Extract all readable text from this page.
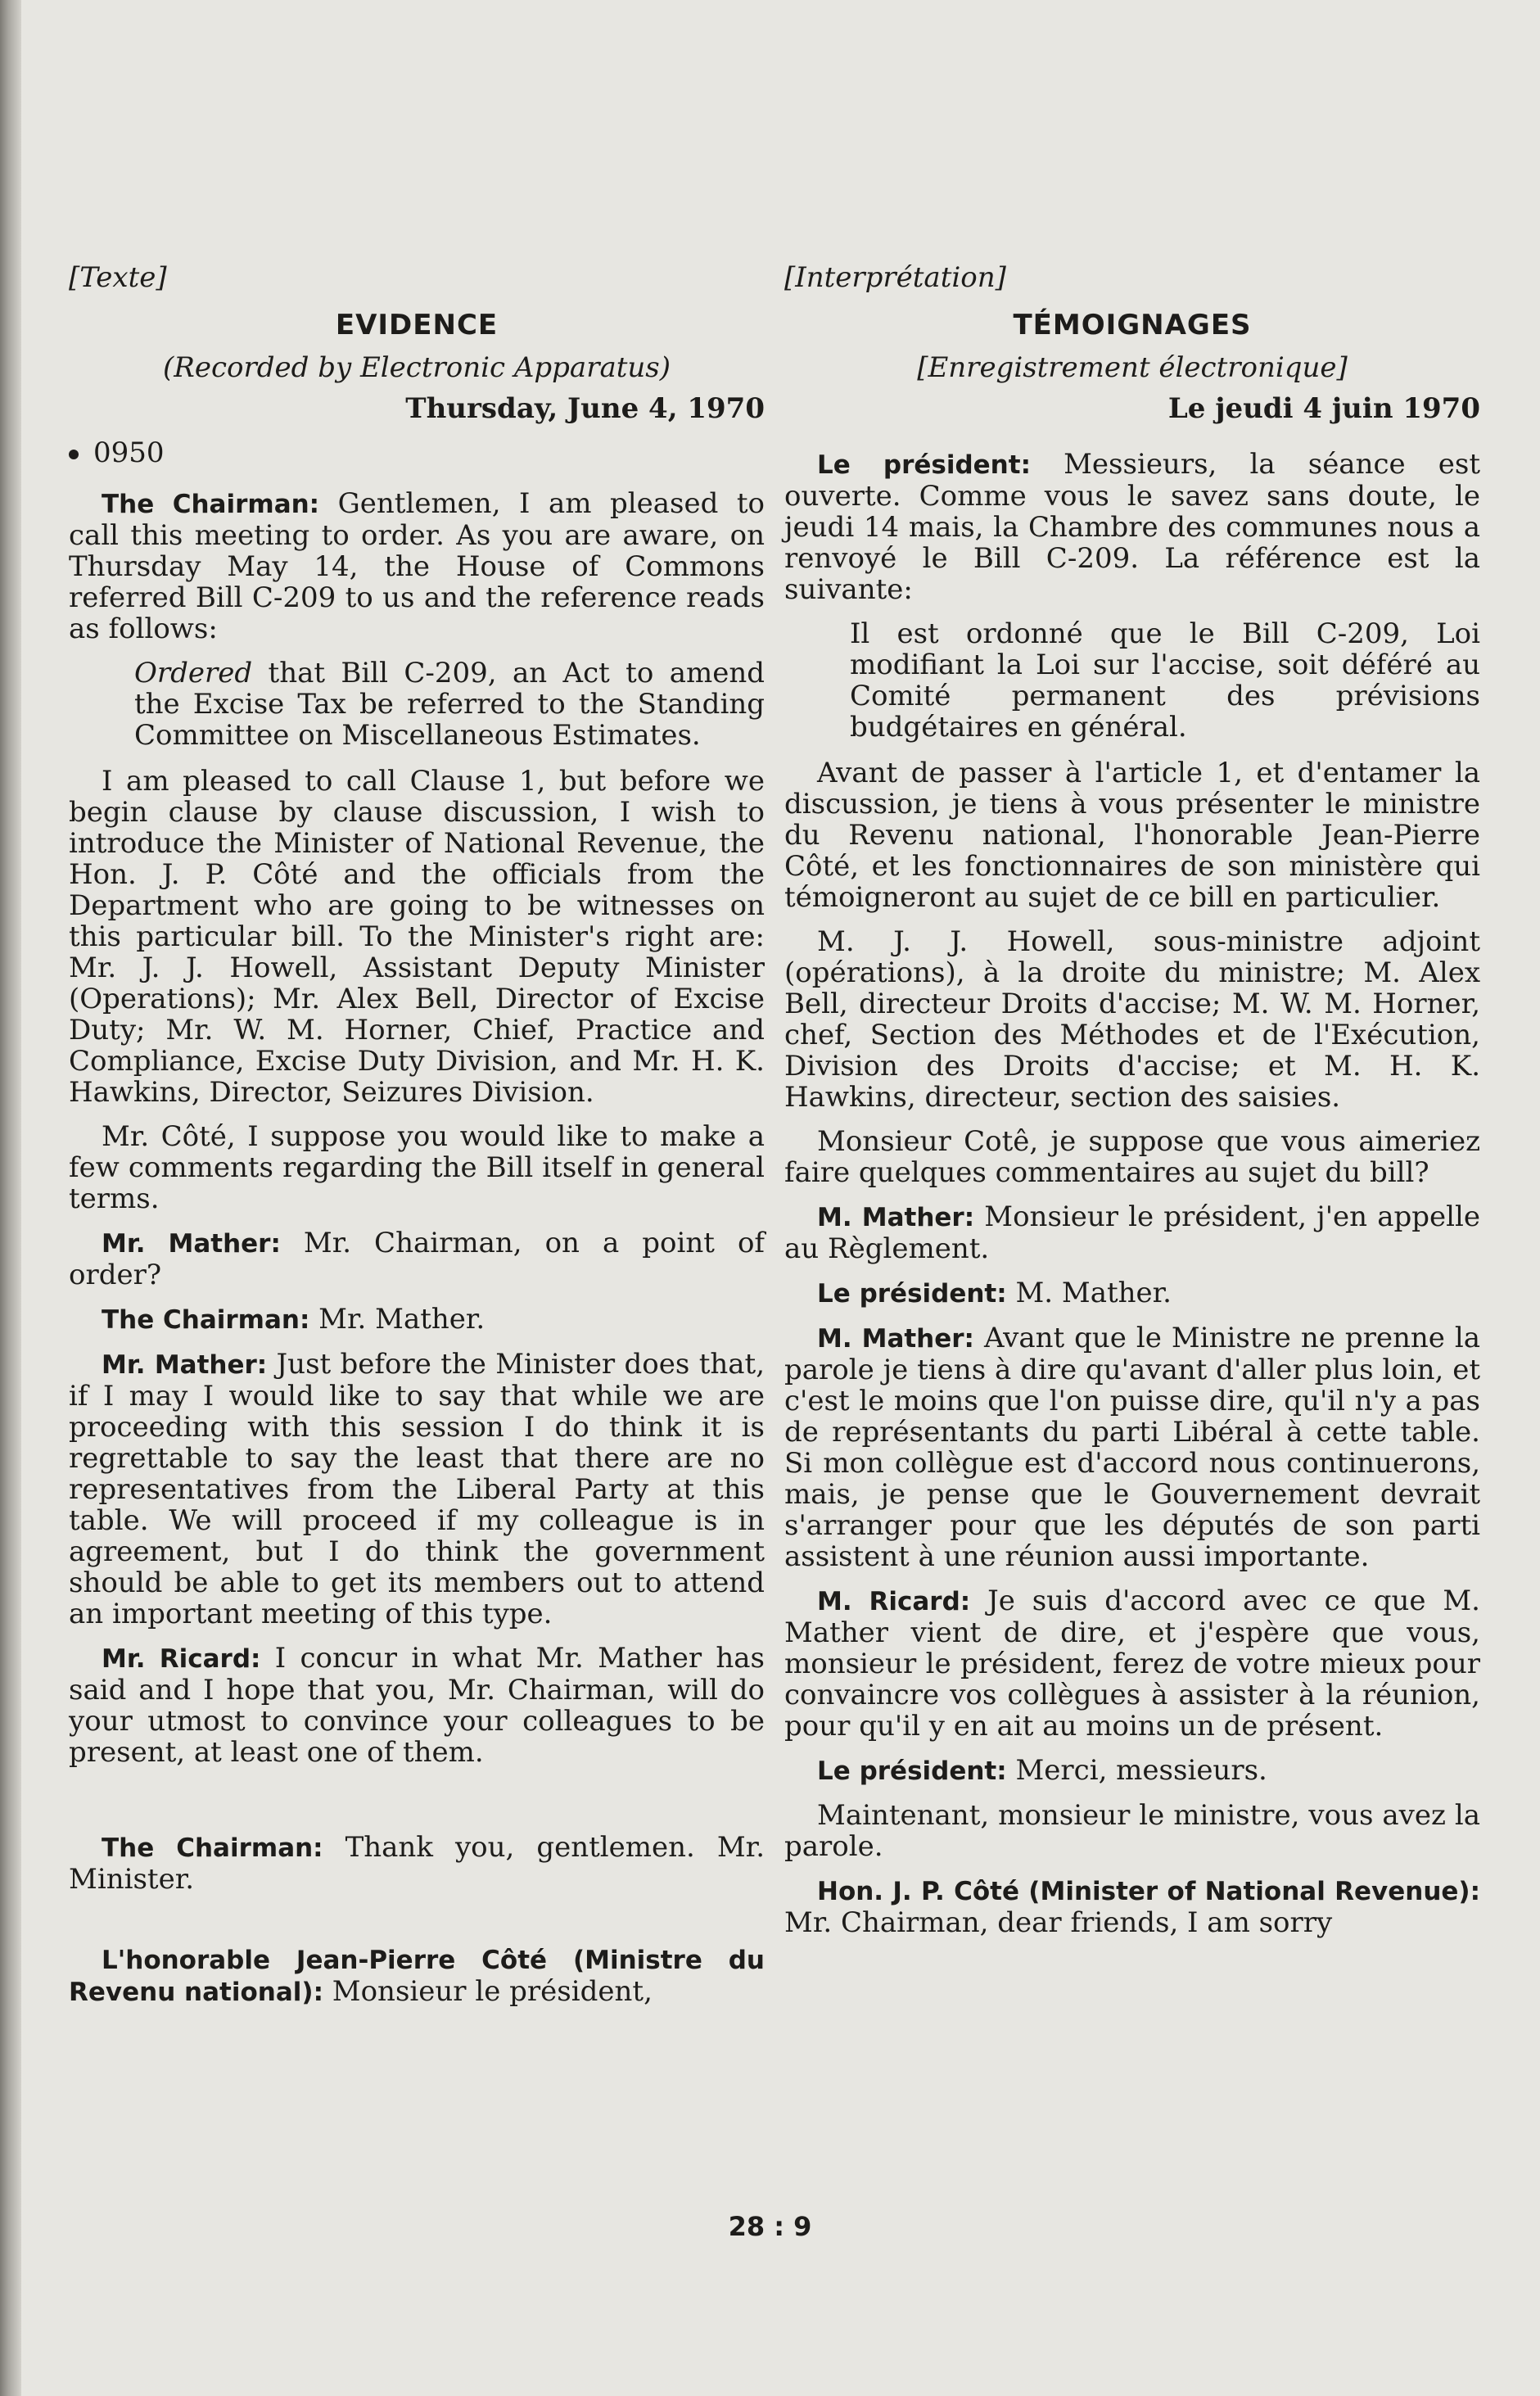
[Texte]
EVIDENCE
(Recorded by Electronic Apparatus)
Thursday, June 4, 1970
0950

The Chairman: Gentlemen, I am pleased to call this meeting to order. As you are aware, on Thursday May 14, the House of Commons referred Bill C-209 to us and the reference reads as follows:

Ordered that Bill C-209, an Act to amend the Excise Tax be referred to the Standing Committee on Miscellaneous Estimates.

I am pleased to call Clause 1, but before we begin clause by clause discussion, I wish to introduce the Minister of National Revenue, the Hon. J. P. Côté and the officials from the Department who are going to be witnesses on this particular bill. To the Minister's right are: Mr. J. J. Howell, Assistant Deputy Minister (Operations); Mr. Alex Bell, Director of Excise Duty; Mr. W. M. Horner, Chief, Practice and Compliance, Excise Duty Division, and Mr. H. K. Hawkins, Director, Seizures Division.

Mr. Côté, I suppose you would like to make a few comments regarding the Bill itself in general terms.

Mr. Mather: Mr. Chairman, on a point of order?

The Chairman: Mr. Mather.

Mr. Mather: Just before the Minister does that, if I may I would like to say that while we are proceeding with this session I do think it is regrettable to say the least that there are no representatives from the Liberal Party at this table. We will proceed if my colleague is in agreement, but I do think the government should be able to get its members out to attend an important meeting of this type.

Mr. Ricard: I concur in what Mr. Mather has said and I hope that you, Mr. Chairman, will do your utmost to convince your colleagues to be present, at least one of them.

The Chairman: Thank you, gentlemen. Mr. Minister.

L'honorable Jean-Pierre Côté (Ministre du Revenu national): Monsieur le président,

[Interprétation]
TÉMOIGNAGES
[Enregistrement électronique]
Le jeudi 4 juin 1970

Le président: Messieurs, la séance est ouverte. Comme vous le savez sans doute, le jeudi 14 mais, la Chambre des communes nous a renvoyé le Bill C-209. La référence est la suivante:

Il est ordonné que le Bill C-209, Loi modifiant la Loi sur l'accise, soit déféré au Comité permanent des prévisions budgétaires en général.

Avant de passer à l'article 1, et d'entamer la discussion, je tiens à vous présenter le ministre du Revenu national, l'honorable Jean-Pierre Côté, et les fonctionnaires de son ministère qui témoigneront au sujet de ce bill en particulier.

M. J. J. Howell, sous-ministre adjoint (opérations), à la droite du ministre; M. Alex Bell, directeur Droits d'accise; M. W. M. Horner, chef, Section des Méthodes et de l'Exécution, Division des Droits d'accise; et M. H. K. Hawkins, directeur, section des saisies.

Monsieur Cotê, je suppose que vous aimeriez faire quelques commentaires au sujet du bill?

M. Mather: Monsieur le président, j'en appelle au Règlement.

Le président: M. Mather.

M. Mather: Avant que le Ministre ne prenne la parole je tiens à dire qu'avant d'aller plus loin, et c'est le moins que l'on puisse dire, qu'il n'y a pas de représentants du parti Libéral à cette table. Si mon collègue est d'accord nous continuerons, mais, je pense que le Gouvernement devrait s'arranger pour que les députés de son parti assistent à une réunion aussi importante.

M. Ricard: Je suis d'accord avec ce que M. Mather vient de dire, et j'espère que vous, monsieur le président, ferez de votre mieux pour convaincre vos collègues à assister à la réunion, pour qu'il y en ait au moins un de présent.

Le président: Merci, messieurs.

Maintenant, monsieur le ministre, vous avez la parole.

Hon. J. P. Côté (Minister of National Revenue): Mr. Chairman, dear friends, I am sorry

28 : 9
